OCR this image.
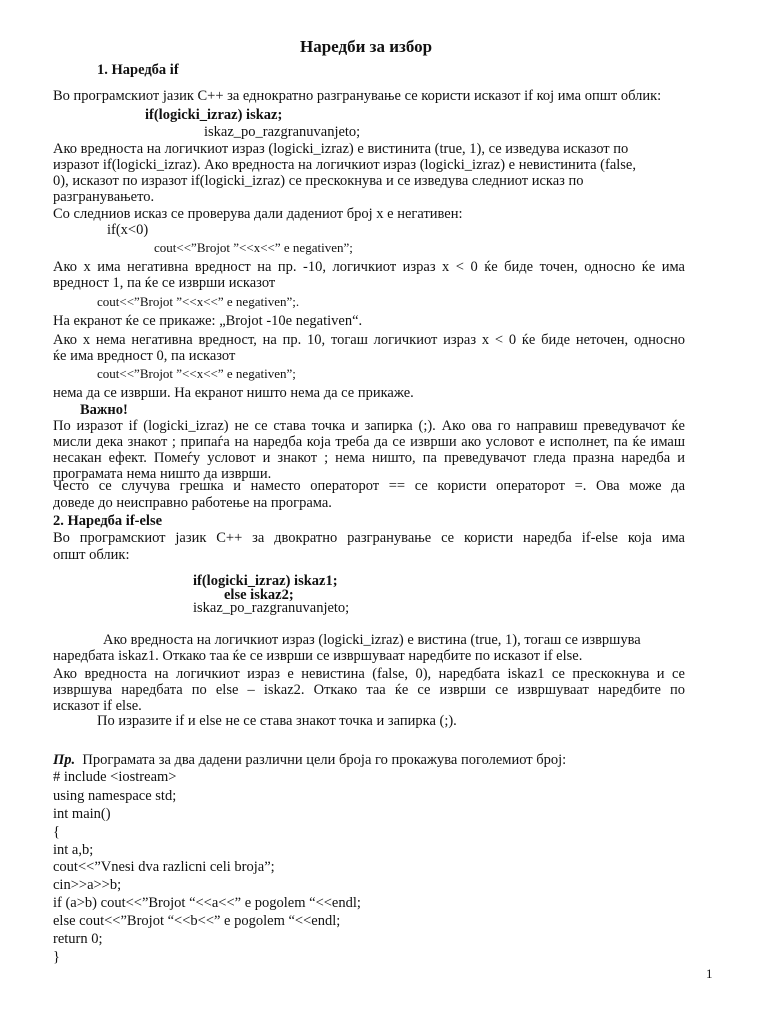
Наредби за избор
1. Наредба if
Во програмскиот јазик C++ за еднократно разгранување се користи исказот if кој има општ облик:
if(logicki_izraz) iskaz;
iskaz_po_razgranuvanjeto;
Ако вредноста на логичкиот израз (logicki_izraz) е вистинита (true, 1), се изведува исказот по
изразот if(logicki_izraz). Ако вредноста на логичкиот израз (logicki_izraz) е невистинита (false,
0), исказот по изразот if(logicki_izraz) се прескокнува и се изведува следниот исказ по
разгранувањето.
Со следниов исказ се проверува дали дадениот број x е негативен:
if(x<0)
cout<<”Brojot ”<<x<<” e negativen”;
Ако x има негативна вредност на пр. -10, логичкиот израз x < 0 ќе биде точен, односно ќе има
вредност 1, па ќе се изврши исказот
cout<<”Brojot ”<<x<<” e negativen”;.
На екранот ќе се прикаже: „Brojot -10e negativen“.
Ако x нема негативна вредност, на пр. 10, тогаш логичкиот израз x < 0 ќе биде неточен, односно
ќе има вредност 0, па исказот
cout<<”Brojot ”<<x<<” e negativen”;
нема да се изврши. На екранот ништо нема да се прикаже.
Важно!
По изразот if (logicki_izraz) не се става точка и запирка (;). Ако ова го направиш преведувачот ќе
мисли дека знакот ; припаѓа на наредба која треба да се изврши ако условот е исполнет, па ќе имаш
несакан ефект. Помеѓу условот и знакот ; нема ништо, па преведувачот гледа празна наредба и
програмата нема ништо да изврши.
Често се случува грешка и наместо операторот == се користи операторот =. Ова може да
доведе до неисправно работење на програма.
2. Наредба if-else
Во програмскиот јазик C++ за двократно разгранување се користи наредба if-else која има
општ облик:
if(logicki_izraz) iskaz1;
else iskaz2;
iskaz_po_razgranuvanjeto;
Ако вредноста на логичкиот израз (logicki_izraz) е вистина (true, 1), тогаш се извршува
наредбата iskaz1. Откако таа ќе се изврши се извршуваат наредбите по исказот if else.
Ако вредноста на логичкиот израз е невистина (false, 0), наредбата iskaz1 се прескокнува и се
извршува наредбата по else – iskaz2. Откако таа ќе се изврши се извршуваат наредбите по
исказот if else.
По изразите if и else не се става знакот точка и запирка (;).
Пр. Програмата за два дадени различни цели броја го прокажува поголемиот број:
# include <iostream>
using namespace std;
int main()
{
int a,b;
cout<<”Vnesi dva razlicni celi broja”;
cin>>a>>b;
if (a>b) cout<<”Brojot “<<a<<” e pogolem “<<endl;
else cout<<”Brojot “<<b<<” e pogolem “<<endl;
return 0;
}
1
